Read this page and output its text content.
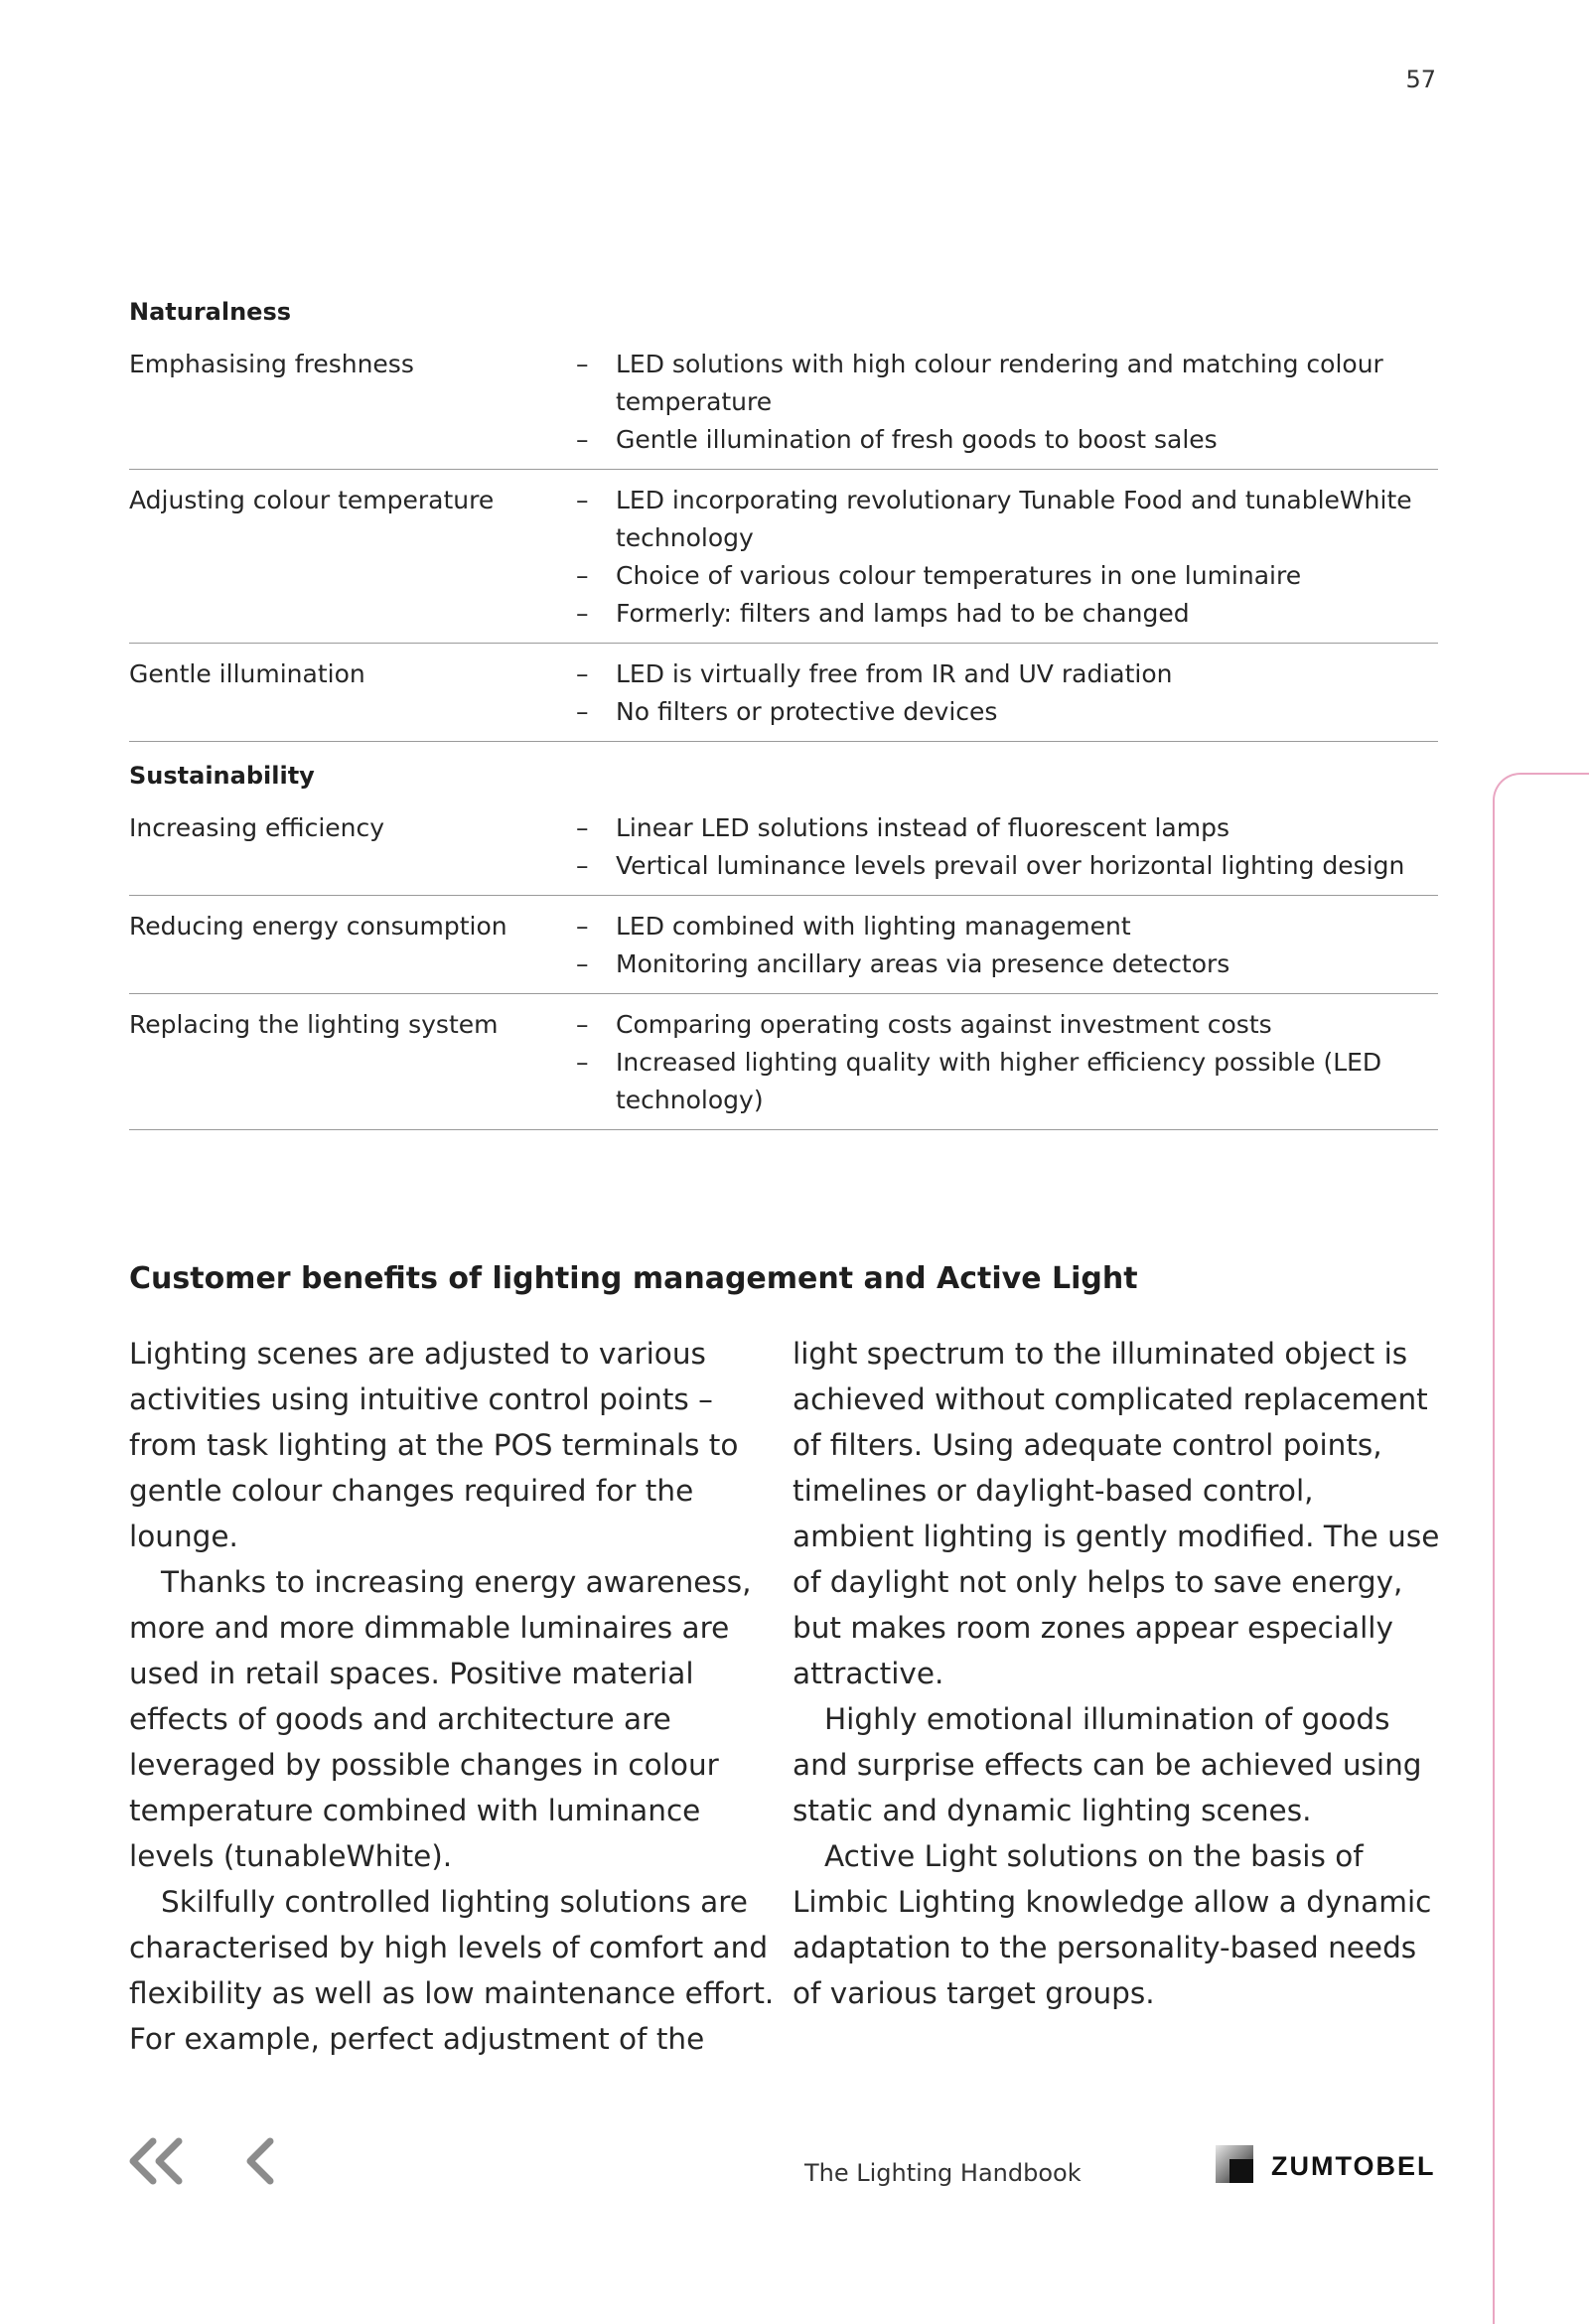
57
Naturalness
Emphasising freshness	–	LED solutions with high colour rendering and matching colour temperature
–	Gentle illumination of fresh goods to boost sales
Adjusting colour temperature	–	LED incorporating revolutionary Tunable Food and tunableWhite technology
–	Choice of various colour temperatures in one luminaire
–	Formerly: filters and lamps had to be changed
Gentle illumination	–	LED is virtually free from IR and UV radiation
–	No filters or protective devices
Sustainability
Increasing efficiency	–	Linear LED solutions instead of fluorescent lamps
–	Vertical luminance levels prevail over horizontal lighting design
Reducing energy consumption	–	LED combined with lighting management
–	Monitoring ancillary areas via presence detectors
Replacing the lighting system	–	Comparing operating costs against investment costs
–	Increased lighting quality with higher efficiency possible (LED technology)
Customer benefits of lighting management and Active Light

Lighting scenes are adjusted to various activities using intuitive control points – from task lighting at the POS terminals to gentle colour changes required for the lounge.

Thanks to increasing energy awareness, more and more dimmable luminaires are used in retail spaces. Positive material effects of goods and architecture are leveraged by possible changes in colour temperature combined with luminance levels (tunableWhite).

Skilfully controlled lighting solutions are characterised by high levels of comfort and flexibility as well as low maintenance effort. For example, perfect adjustment of the

light spectrum to the illuminated object is achieved without complicated replacement of filters. Using adequate control points, timelines or daylight-based control, ambient lighting is gently modified. The use of daylight not only helps to save energy, but makes room zones appear especially attractive.

Highly emotional illumination of goods and surprise effects can be achieved using static and dynamic lighting scenes.

Active Light solutions on the basis of Limbic Lighting knowledge allow a dynamic adaptation to the personality-based needs of various target groups.

The Lighting Handbook	ZUMTOBEL
